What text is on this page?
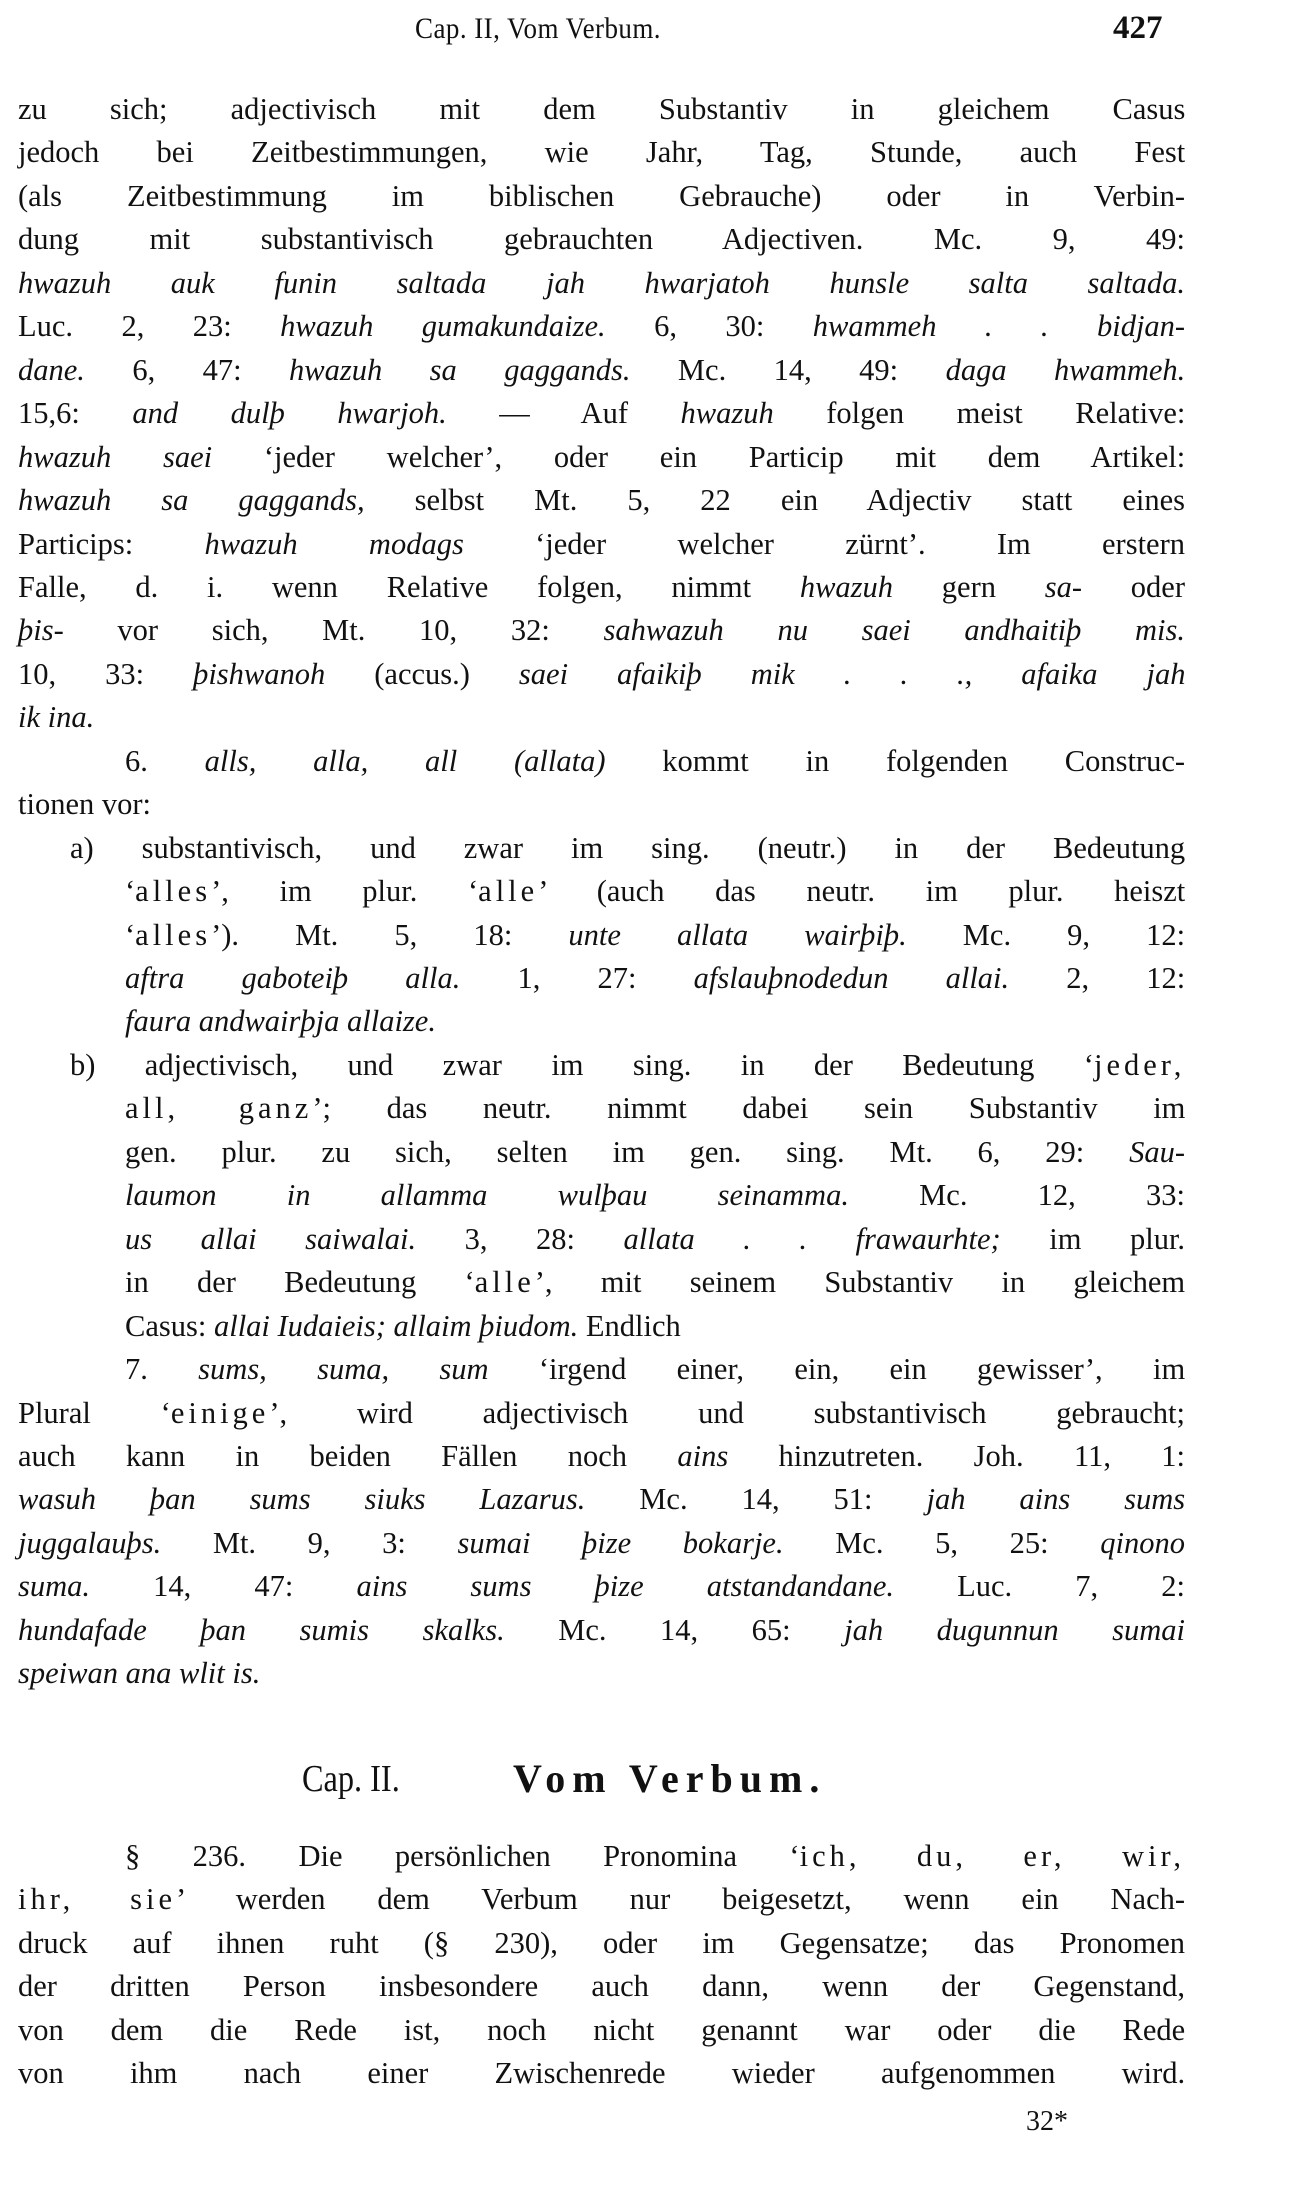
Cap. II, Vom Verbum.	427
zu sich; adjectivisch mit dem Substantiv in gleichem Casus
jedoch bei Zeitbestimmungen, wie Jahr, Tag, Stunde, auch Fest
(als Zeitbestimmung im biblischen Gebrauche) oder in Verbin-
dung mit substantivisch gebrauchten Adjectiven. Mc. 9, 49:
hwazuh auk funin saltada jah hwarjatoh hunsle salta saltada.
Luc. 2, 23: hwazuh gumakundaize. 6, 30: hwammeh . . bidjan-
dane. 6, 47: hwazuh sa gaggands. Mc. 14, 49: daga hwammeh.
15,6: and dulþ hwarjoh. — Auf hwazuh folgen meist Relative:
hwazuh saei ‘jeder welcher’, oder ein Particip mit dem Artikel:
hwazuh sa gaggands, selbst Mt. 5, 22 ein Adjectiv statt eines
Particips: hwazuh modags ‘jeder welcher zürnt’. Im erstern
Falle, d. i. wenn Relative folgen, nimmt hwazuh gern sa- oder
þis- vor sich, Mt. 10, 32: sahwazuh nu saei andhaitiþ mis.
10, 33: þishwanoh (accus.) saei afaikiþ mik . . ., afaika jah
ik ina.
6. alls, alla, all (allata) kommt in folgenden Construc-
tionen vor:
a) substantivisch, und zwar im sing. (neutr.) in der Bedeutung
‘alles’, im plur. ‘alle’ (auch das neutr. im plur. heiszt
‘alles’). Mt. 5, 18: unte allata wairþiþ. Mc. 9, 12:
aftra gaboteiþ alla. 1, 27: afslauþnodedun allai. 2, 12:
faura andwairþja allaize.
b) adjectivisch, und zwar im sing. in der Bedeutung ‘jeder,
all, ganz’; das neutr. nimmt dabei sein Substantiv im
gen. plur. zu sich, selten im gen. sing. Mt. 6, 29: Sau-
laumon in allamma wulþau seinamma. Mc. 12, 33:
us allai saiwalai. 3, 28: allata . . frawaurhte; im plur.
in der Bedeutung ‘alle’, mit seinem Substantiv in gleichem
Casus: allai Iudaieis; allaim þiudom. Endlich
7. sums, suma, sum ‘irgend einer, ein, ein gewisser’, im
Plural ‘einige’, wird adjectivisch und substantivisch gebraucht;
auch kann in beiden Fällen noch ains hinzutreten. Joh. 11, 1:
wasuh þan sums siuks Lazarus. Mc. 14, 51: jah ains sums
juggalauþs. Mt. 9, 3: sumai þize bokarje. Mc. 5, 25: qinono
suma. 14, 47: ains sums þize atstandandane. Luc. 7, 2:
hundafade þan sumis skalks. Mc. 14, 65: jah dugunnun sumai
speiwan ana wlit is.
Cap. II.	Vom Verbum.
§ 236. Die persönlichen Pronomina ‘ich, du, er, wir,
ihr, sie’ werden dem Verbum nur beigesetzt, wenn ein Nach-
druck auf ihnen ruht (§ 230), oder im Gegensatze; das Pronomen
der dritten Person insbesondere auch dann, wenn der Gegenstand,
von dem die Rede ist, noch nicht genannt war oder die Rede
von ihm nach einer Zwischenrede wieder aufgenommen wird.
32*
